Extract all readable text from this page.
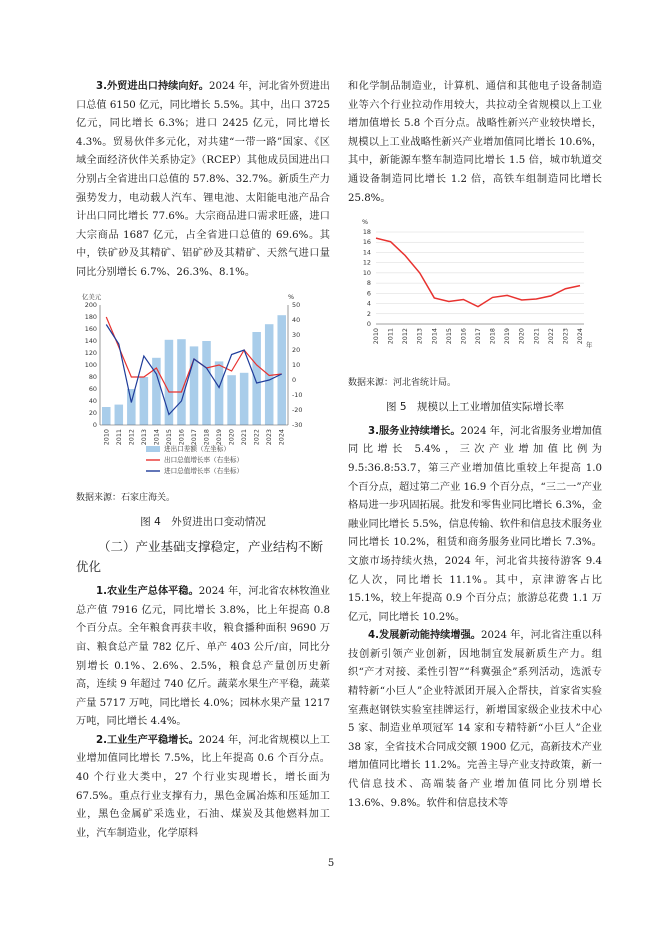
3.外贸进出口持续向好。2024 年，河北省外贸进出口总值 6150 亿元，同比增长 5.5%。其中，出口 3725 亿元，同比增长 6.3%；进口 2425 亿元，同比增长 4.3%。贸易伙伴多元化，对共建“一带一路”国家、《区域全面经济伙伴关系协定》（RCEP）其他成员国进出口分别占全省进出口总值的 57.8%、32.7%。新质生产力强势发力，电动载人汽车、锂电池、太阳能电池产品合计出口同比增长 77.6%。大宗商品进口需求旺盛，进口大宗商品 1687 亿元，占全省进口总值的 69.6%。其中，铁矿砂及其精矿、铝矿砂及其精矿、天然气进口量同比分别增长 6.7%、26.3%、8.1%。

亿美元	%
0
20
40
60
80
100
120
140
160
180
200
-30
-20
-10
0
10
20
30
40
50
2010 2011 2012 2013 2014 2015 2016 2017 2018 2019 2020 2021 2022 2023 2024
进出口差额（左坐标）
出口总值增长率（右坐标）
进口总值增长率（右坐标）
数据来源：石家庄海关。
图 4　外贸进出口变动情况
（二）产业基础支撑稳定，产业结构不断优化

1.农业生产总体平稳。2024 年，河北省农林牧渔业总产值 7916 亿元，同比增长 3.8%，比上年提高 0.8 个百分点。全年粮食再获丰收，粮食播种面积 9690 万亩、粮食总产量 782 亿斤、单产 403 公斤/亩，同比分别增长 0.1%、2.6%、2.5%，粮食总产量创历史新高，连续 9 年超过 740 亿斤。蔬菜水果生产平稳，蔬菜产量 5717 万吨，同比增长 4.0%；园林水果产量 1217 万吨，同比增长 4.4%。

2.工业生产平稳增长。2024 年，河北省规模以上工业增加值同比增长 7.5%，比上年提高 0.6 个百分点。40 个行业大类中，27 个行业实现增长，增长面为 67.5%。重点行业支撑有力，黑色金属冶炼和压延加工业，黑色金属矿采选业，石油、煤炭及其他燃料加工业，汽车制造业，化学原料

和化学制品制造业，计算机、通信和其他电子设备制造业等六个行业拉动作用较大，共拉动全省规模以上工业增加值增长 5.8 个百分点。战略性新兴产业较快增长，规模以上工业战略性新兴产业增加值同比增长 10.6%，其中，新能源车整车制造同比增长 1.5 倍，城市轨道交通设备制造同比增长 1.2 倍，高铁车组制造同比增长 25.8%。

%
年
0
2
4
6
8
10
12
14
16
18
2010 2011 2012 2013 2014 2015 2016 2017 2018 2019 2020 2021 2022 2023 2024
数据来源：河北省统计局。
图 5　规模以上工业增加值实际增长率

3.服务业持续增长。2024 年，河北省服务业增加值同比增长 5.4%，三次产业增加值比例为 9.5:36.8:53.7，第三产业增加值比重较上年提高 1.0 个百分点，超过第二产业 16.9 个百分点，“三二一”产业格局进一步巩固拓展。批发和零售业同比增长 6.3%，金融业同比增长 5.5%，信息传输、软件和信息技术服务业同比增长 10.2%，租赁和商务服务业同比增长 7.3%。文旅市场持续火热，2024 年，河北省共接待游客 9.4 亿人次，同比增长 11.1%。其中，京津游客占比 15.1%，较上年提高 0.9 个百分点；旅游总花费 1.1 万亿元，同比增长 10.2%。

4.发展新动能持续增强。2024 年，河北省注重以科技创新引领产业创新，因地制宜发展新质生产力。组织“产才对接、柔性引智”“科冀强企”系列活动，选派专精特新“小巨人”企业特派团开展入企帮扶，首家省实验室燕赵钢铁实验室挂牌运行，新增国家级企业技术中心 5 家、制造业单项冠军 14 家和专精特新“小巨人”企业 38 家，全省技术合同成交额 1900 亿元，高新技术产业增加值同比增长 11.2%。完善主导产业支持政策，新一代信息技术、高端装备产业增加值同比分别增长 13.6%、9.8%。软件和信息技术等

5
